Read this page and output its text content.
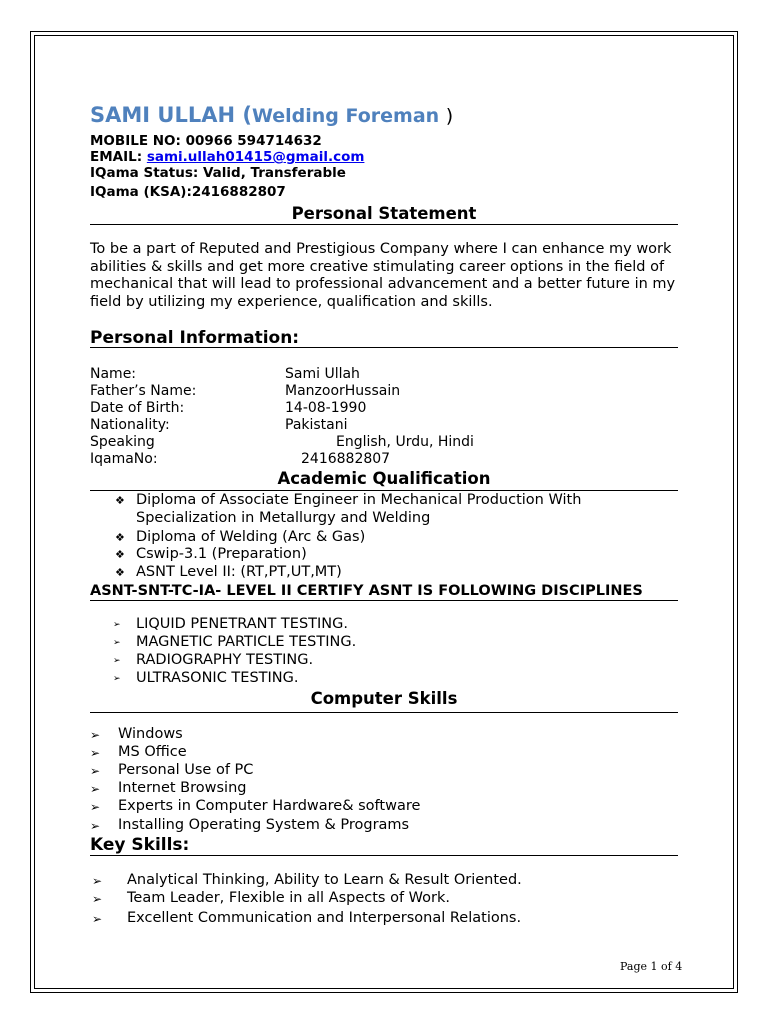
SAMI ULLAH (Welding Foreman )
MOBILE NO: 00966 594714632
EMAIL: sami.ullah01415@gmail.com
IQama Status: Valid, Transferable
IQama (KSA):2416882807
Personal Statement
To be a part of Reputed and Prestigious Company where I can enhance my work abilities & skills and get more creative stimulating career options in the field of mechanical that will lead to professional advancement and a better future in my field by utilizing my experience, qualification and skills.
Personal Information:
Name:	Sami Ullah
Father’s Name:	ManzoorHussain
Date of Birth:	14-08-1990
Nationality:	Pakistani
Speaking	English, Urdu, Hindi
IqamaNo:	2416882807
Academic Qualification
❖ Diploma of Associate Engineer in Mechanical Production With
Specialization in Metallurgy and Welding
❖ Diploma of Welding (Arc & Gas)
❖ Cswip-3.1 (Preparation)
❖ ASNT Level II: (RT,PT,UT,MT)
ASNT-SNT-TC-IA- LEVEL II CERTIFY ASNT IS FOLLOWING DISCIPLINES
➢ LIQUID PENETRANT TESTING.
➢ MAGNETIC PARTICLE TESTING.
➢ RADIOGRAPHY TESTING.
➢ ULTRASONIC TESTING.
Computer Skills
➢ Windows
➢ MS Office
➢ Personal Use of PC
➢ Internet Browsing
➢ Experts in Computer Hardware& software
➢ Installing Operating System & Programs
Key Skills:
➢ Analytical Thinking, Ability to Learn & Result Oriented.
➢ Team Leader, Flexible in all Aspects of Work.
➢ Excellent Communication and Interpersonal Relations.
Page 1 of 4
